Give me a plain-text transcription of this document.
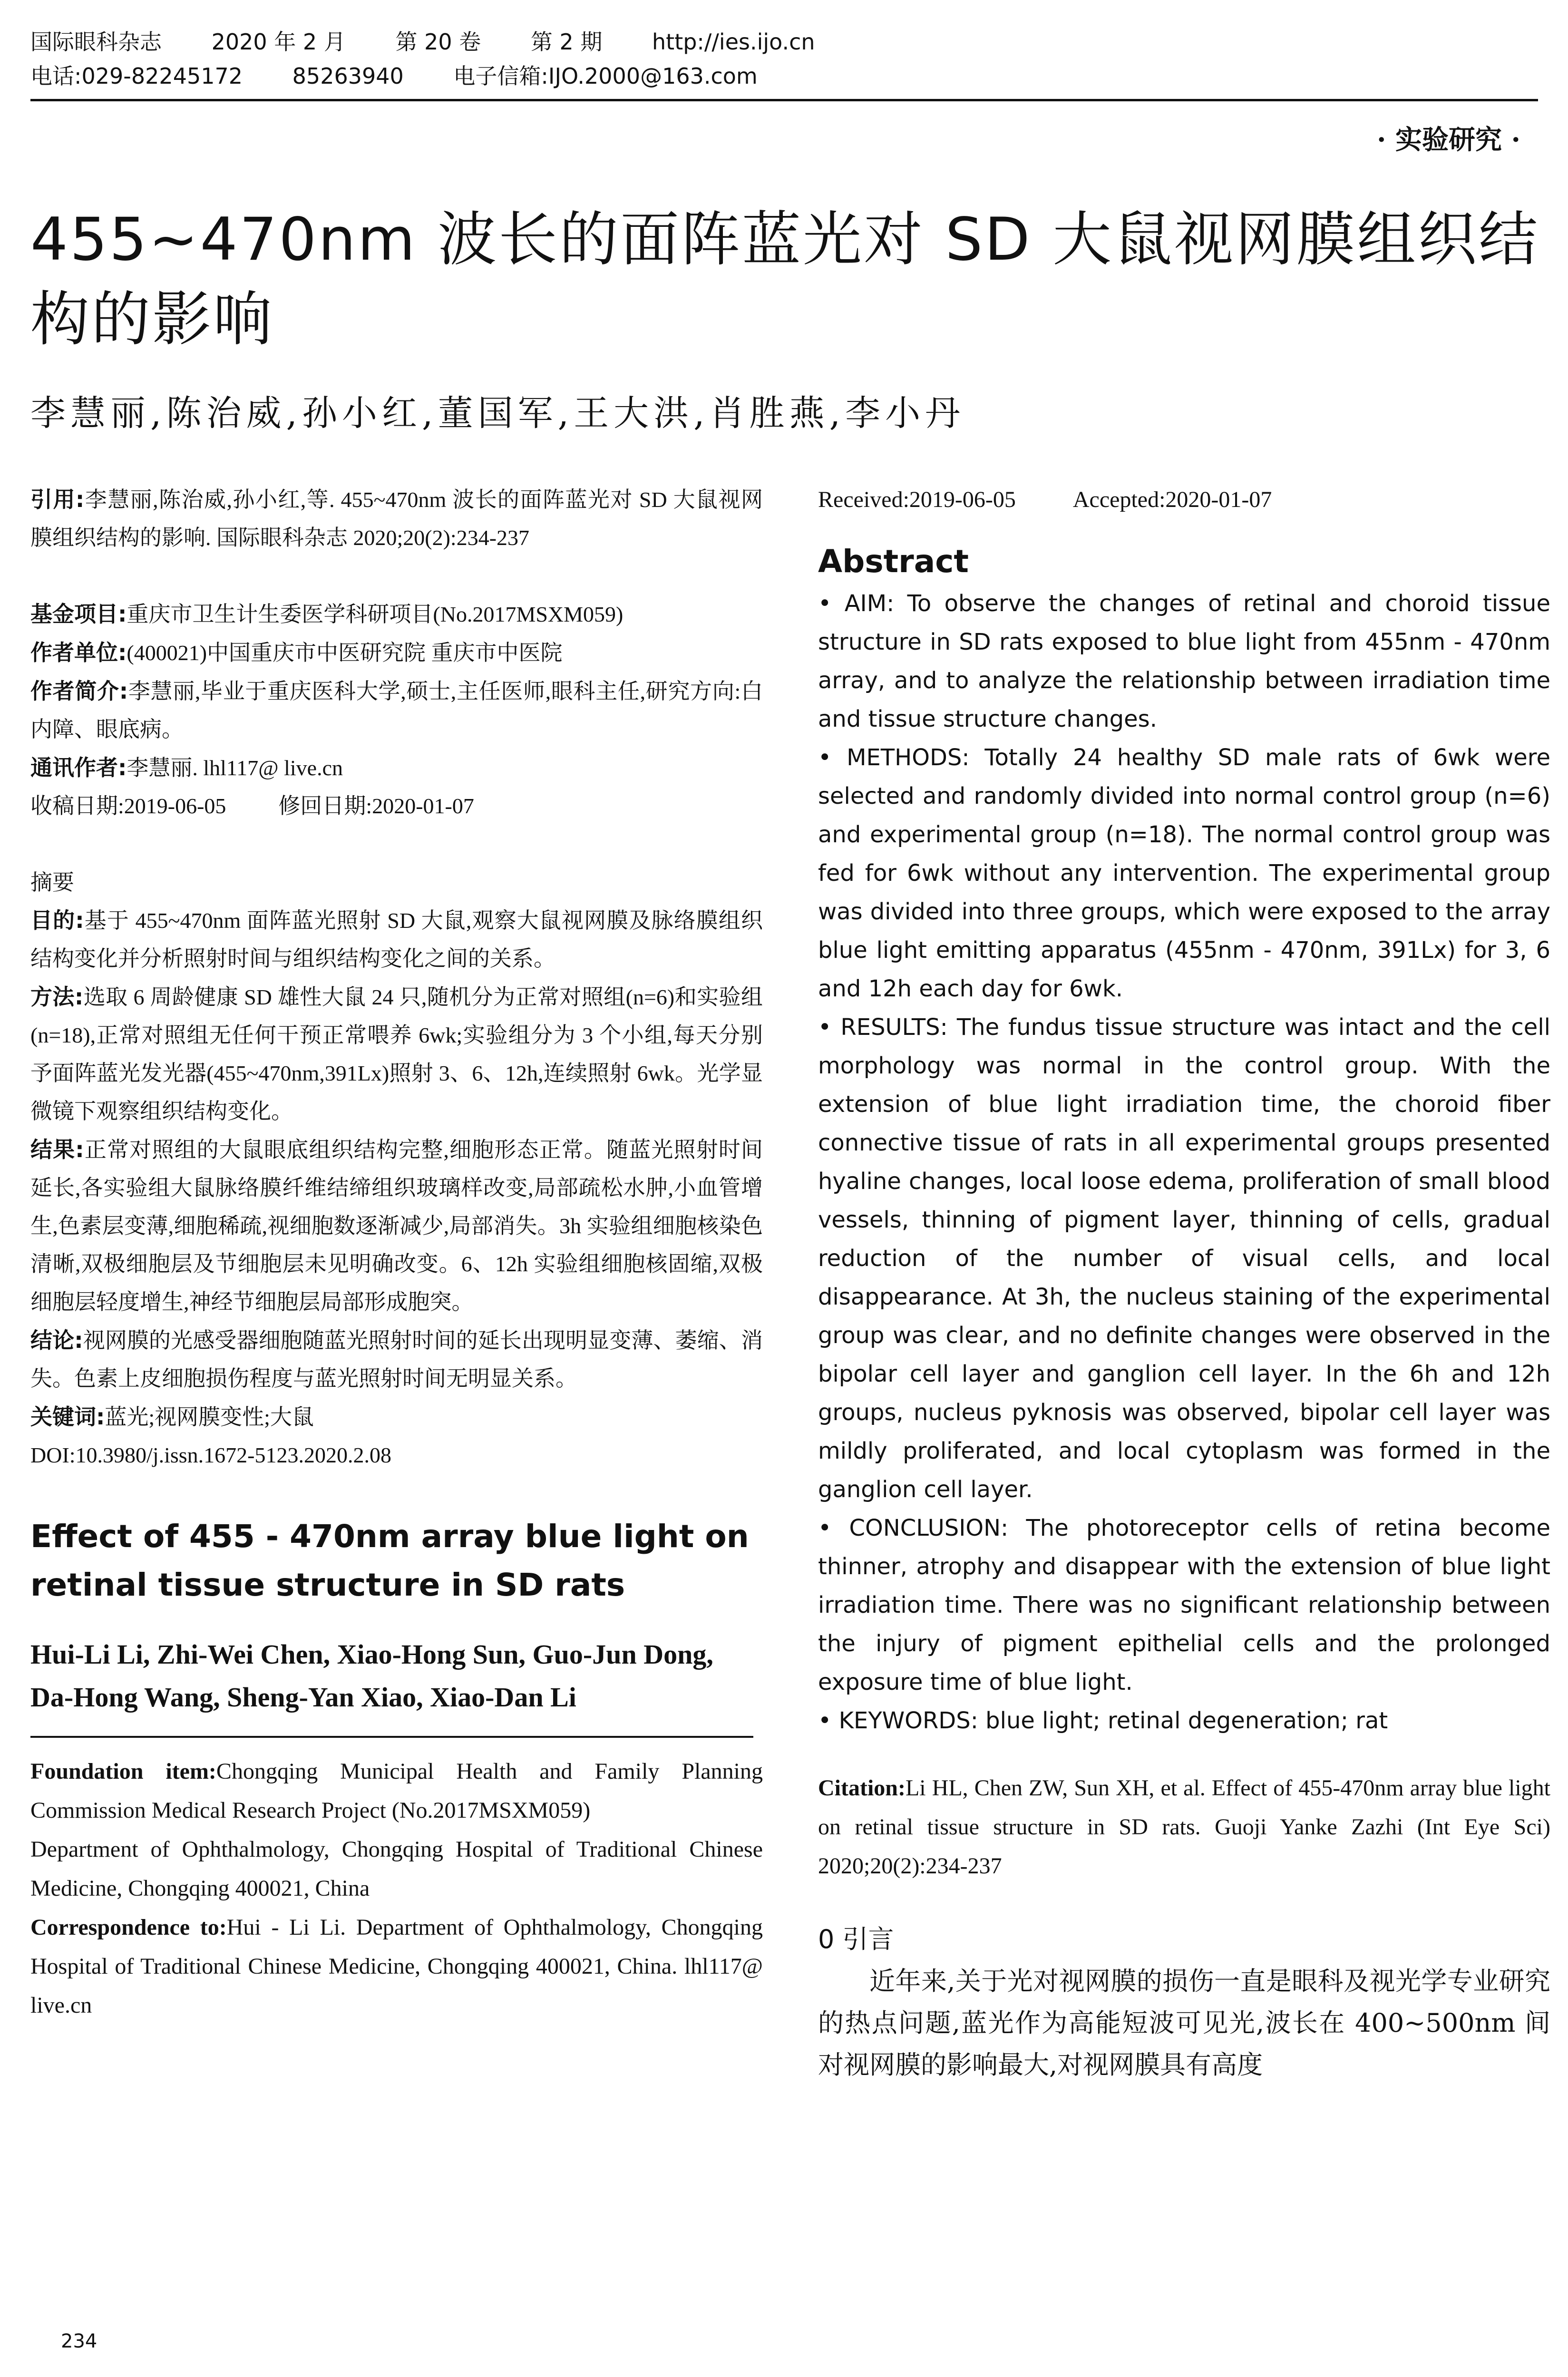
国际眼科杂志 2020 年 2 月 第 20 卷 第 2 期 http://ies.ijo.cn
电话:029-82245172 85263940 电子信箱:IJO.2000@163.com
· 实验研究 ·
455~470nm 波长的面阵蓝光对 SD 大鼠视网膜组织结构的影响
李慧丽,陈治威,孙小红,董国军,王大洪,肖胜燕,李小丹

引用:李慧丽,陈治威,孙小红,等. 455~470nm 波长的面阵蓝光对 SD 大鼠视网膜组织结构的影响. 国际眼科杂志 2020;20(2):234-237

基金项目:重庆市卫生计生委医学科研项目(No.2017MSXM059)

作者单位:(400021)中国重庆市中医研究院 重庆市中医院

作者简介:李慧丽,毕业于重庆医科大学,硕士,主任医师,眼科主任,研究方向:白内障、眼底病。

通讯作者:李慧丽. lhl117@ live.cn

收稿日期:2019-06-05 修回日期:2020-01-07

摘要

目的:基于 455~470nm 面阵蓝光照射 SD 大鼠,观察大鼠视网膜及脉络膜组织结构变化并分析照射时间与组织结构变化之间的关系。

方法:选取 6 周龄健康 SD 雄性大鼠 24 只,随机分为正常对照组(n=6)和实验组(n=18),正常对照组无任何干预正常喂养 6wk;实验组分为 3 个小组,每天分别予面阵蓝光发光器(455~470nm,391Lx)照射 3、6、12h,连续照射 6wk。光学显微镜下观察组织结构变化。

结果:正常对照组的大鼠眼底组织结构完整,细胞形态正常。随蓝光照射时间延长,各实验组大鼠脉络膜纤维结缔组织玻璃样改变,局部疏松水肿,小血管增生,色素层变薄,细胞稀疏,视细胞数逐渐减少,局部消失。3h 实验组细胞核染色清晰,双极细胞层及节细胞层未见明确改变。6、12h 实验组细胞核固缩,双极细胞层轻度增生,神经节细胞层局部形成胞突。

结论:视网膜的光感受器细胞随蓝光照射时间的延长出现明显变薄、萎缩、消失。色素上皮细胞损伤程度与蓝光照射时间无明显关系。

关键词:蓝光;视网膜变性;大鼠

DOI:10.3980/j.issn.1672-5123.2020.2.08

Effect of 455 - 470nm array blue light on retinal tissue structure in SD rats

Hui-Li Li, Zhi-Wei Chen, Xiao-Hong Sun, Guo-Jun Dong, Da-Hong Wang, Sheng-Yan Xiao, Xiao-Dan Li

Foundation item:Chongqing Municipal Health and Family Planning Commission Medical Research Project (No.2017MSXM059)

Department of Ophthalmology, Chongqing Hospital of Traditional Chinese Medicine, Chongqing 400021, China

Correspondence to:Hui - Li Li. Department of Ophthalmology, Chongqing Hospital of Traditional Chinese Medicine, Chongqing 400021, China. lhl117@ live.cn

Received:2019-06-05	Accepted:2020-01-07

Abstract

• AIM: To observe the changes of retinal and choroid tissue structure in SD rats exposed to blue light from 455nm - 470nm array, and to analyze the relationship between irradiation time and tissue structure changes.

• METHODS: Totally 24 healthy SD male rats of 6wk were selected and randomly divided into normal control group (n=6) and experimental group (n=18). The normal control group was fed for 6wk without any intervention. The experimental group was divided into three groups, which were exposed to the array blue light emitting apparatus (455nm - 470nm, 391Lx) for 3, 6 and 12h each day for 6wk.

• RESULTS: The fundus tissue structure was intact and the cell morphology was normal in the control group. With the extension of blue light irradiation time, the choroid fiber connective tissue of rats in all experimental groups presented hyaline changes, local loose edema, proliferation of small blood vessels, thinning of pigment layer, thinning of cells, gradual reduction of the number of visual cells, and local disappearance. At 3h, the nucleus staining of the experimental group was clear, and no definite changes were observed in the bipolar cell layer and ganglion cell layer. In the 6h and 12h groups, nucleus pyknosis was observed, bipolar cell layer was mildly proliferated, and local cytoplasm was formed in the ganglion cell layer.

• CONCLUSION: The photoreceptor cells of retina become thinner, atrophy and disappear with the extension of blue light irradiation time. There was no significant relationship between the injury of pigment epithelial cells and the prolonged exposure time of blue light.

• KEYWORDS: blue light; retinal degeneration; rat

Citation:Li HL, Chen ZW, Sun XH, et al. Effect of 455-470nm array blue light on retinal tissue structure in SD rats. Guoji Yanke Zazhi (Int Eye Sci) 2020;20(2):234-237

0 引言

近年来,关于光对视网膜的损伤一直是眼科及视光学专业研究的热点问题,蓝光作为高能短波可见光,波长在 400~500nm 间对视网膜的影响最大,对视网膜具有高度

234
